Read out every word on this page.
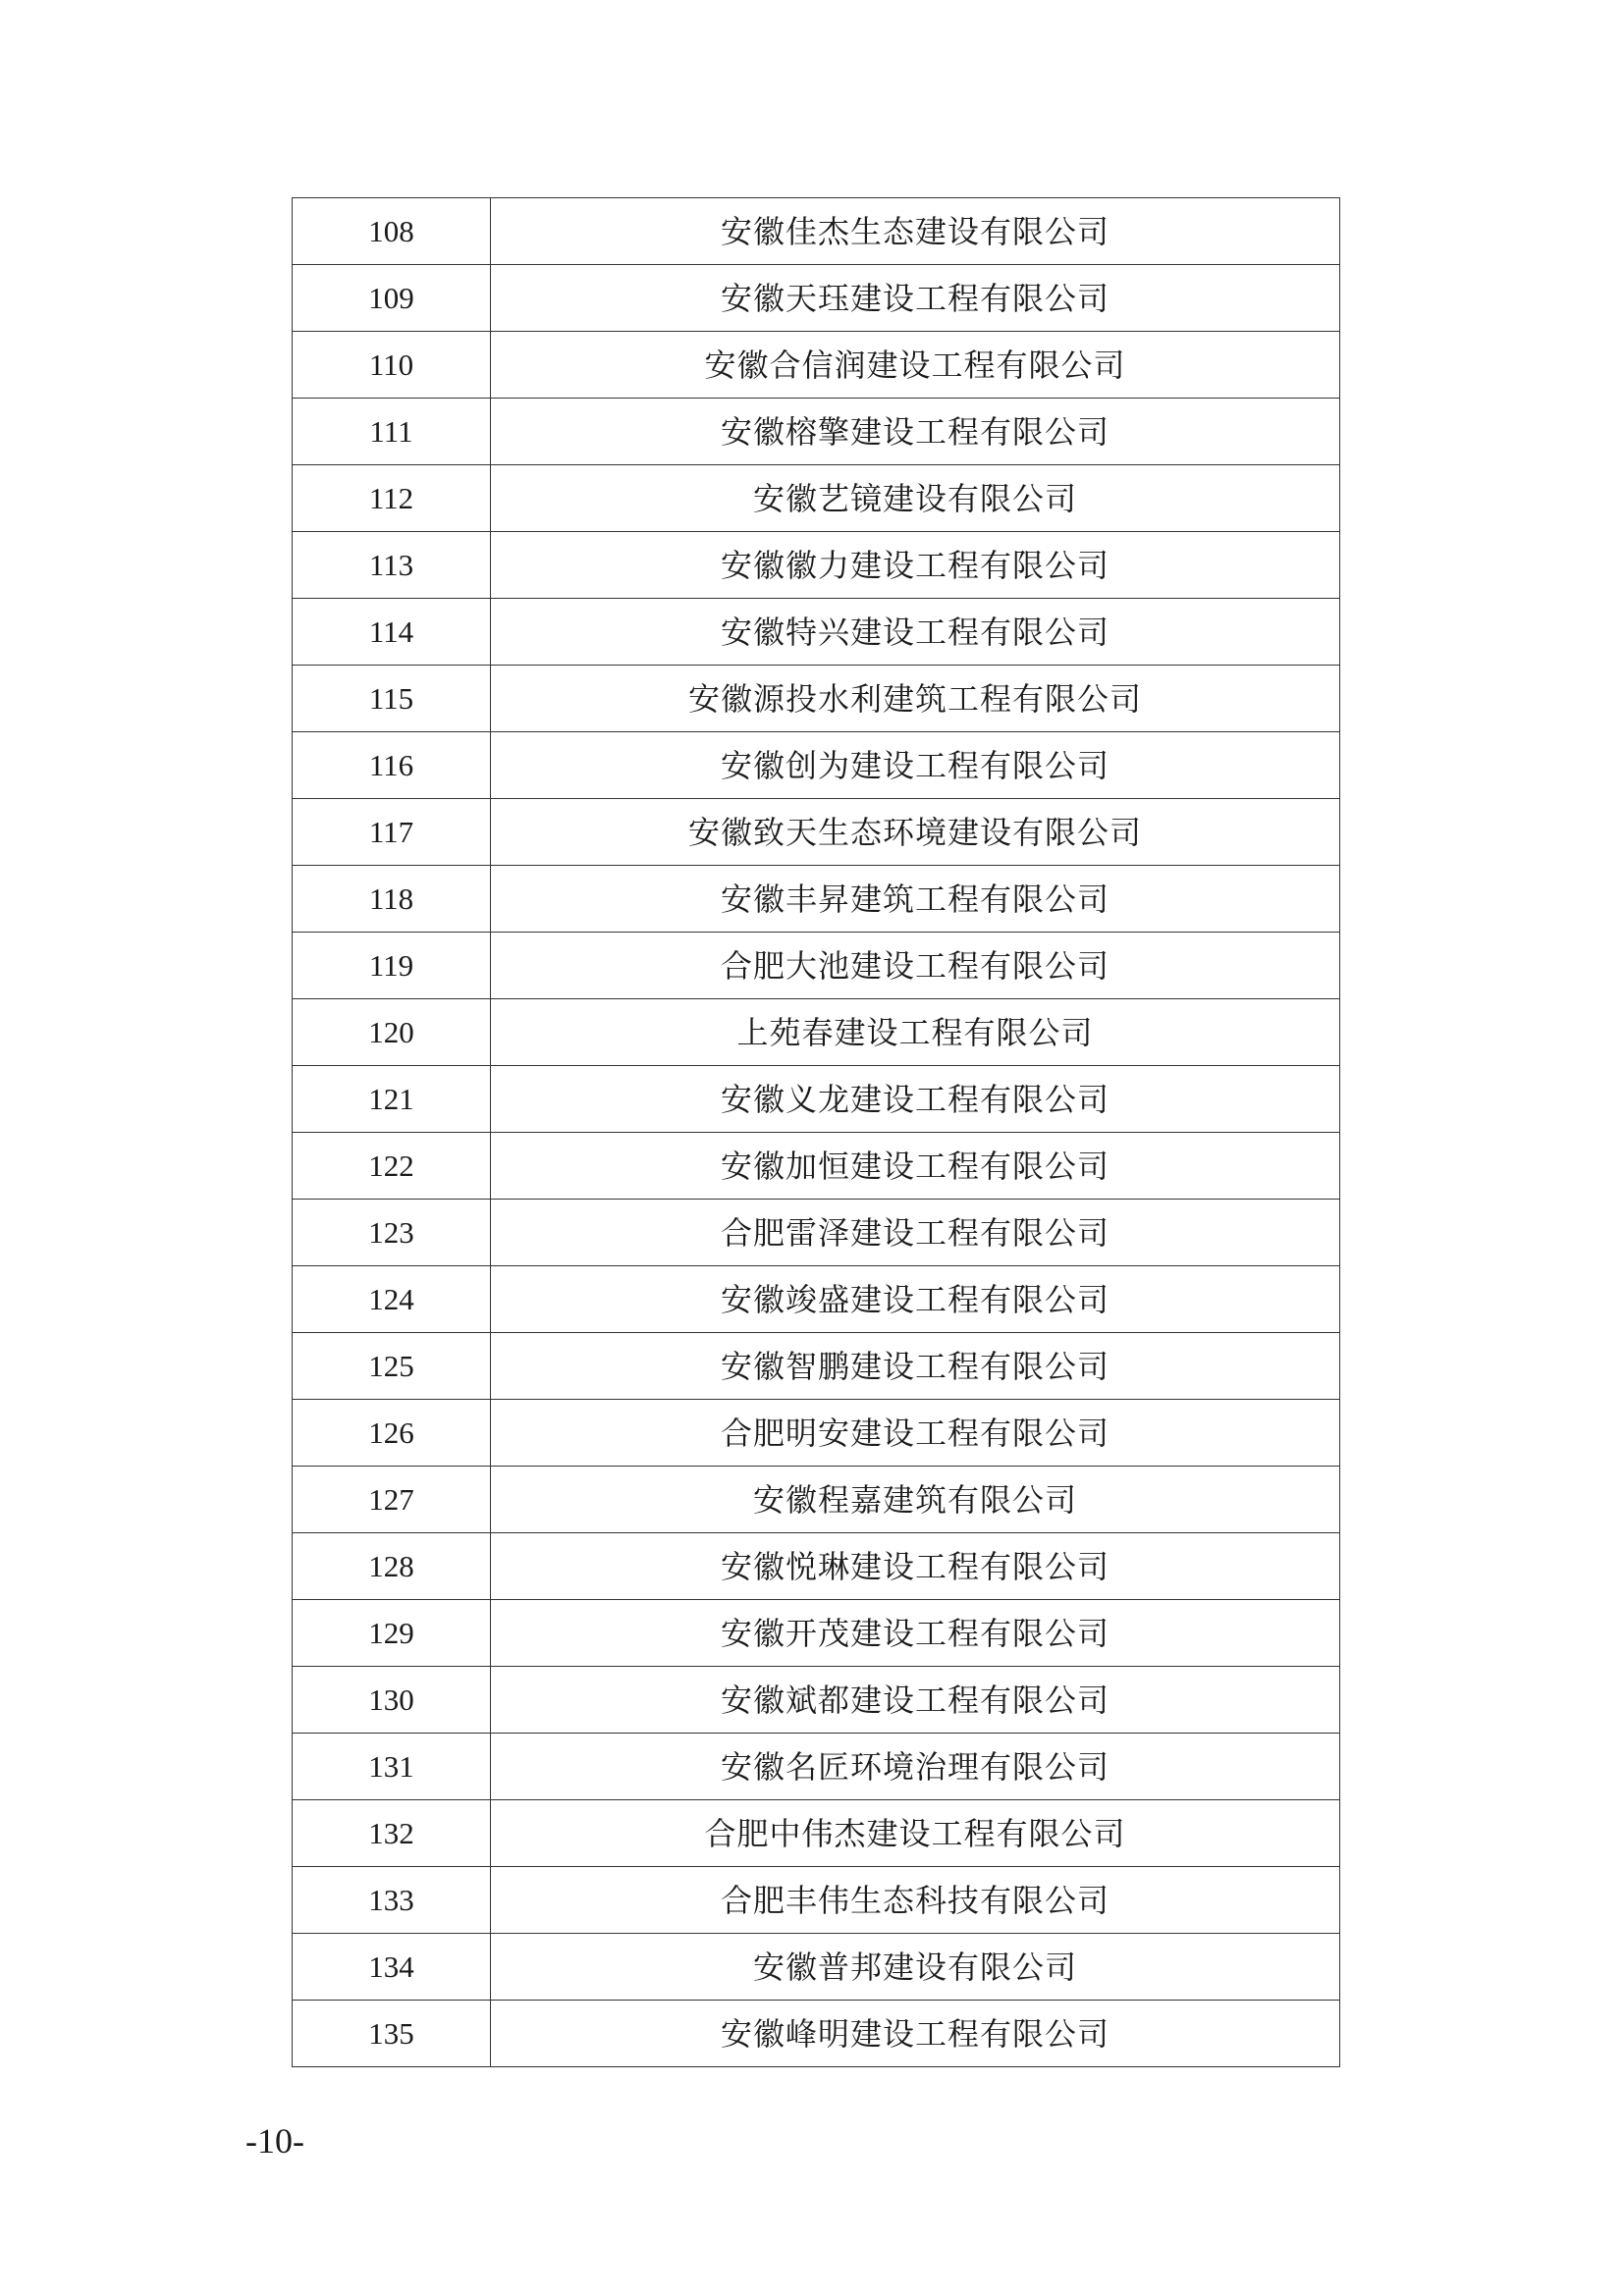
108	安徽佳杰生态建设有限公司
109	安徽天珏建设工程有限公司
110	安徽合信润建设工程有限公司
111	安徽榕擎建设工程有限公司
112	安徽艺镜建设有限公司
113	安徽徽力建设工程有限公司
114	安徽特兴建设工程有限公司
115	安徽源投水利建筑工程有限公司
116	安徽创为建设工程有限公司
117	安徽致天生态环境建设有限公司
118	安徽丰昇建筑工程有限公司
119	合肥大池建设工程有限公司
120	上苑春建设工程有限公司
121	安徽义龙建设工程有限公司
122	安徽加恒建设工程有限公司
123	合肥雷泽建设工程有限公司
124	安徽竣盛建设工程有限公司
125	安徽智鹏建设工程有限公司
126	合肥明安建设工程有限公司
127	安徽程嘉建筑有限公司
128	安徽悦琳建设工程有限公司
129	安徽开茂建设工程有限公司
130	安徽斌都建设工程有限公司
131	安徽名匠环境治理有限公司
132	合肥中伟杰建设工程有限公司
133	合肥丰伟生态科技有限公司
134	安徽普邦建设有限公司
135	安徽峰明建设工程有限公司
-10-
